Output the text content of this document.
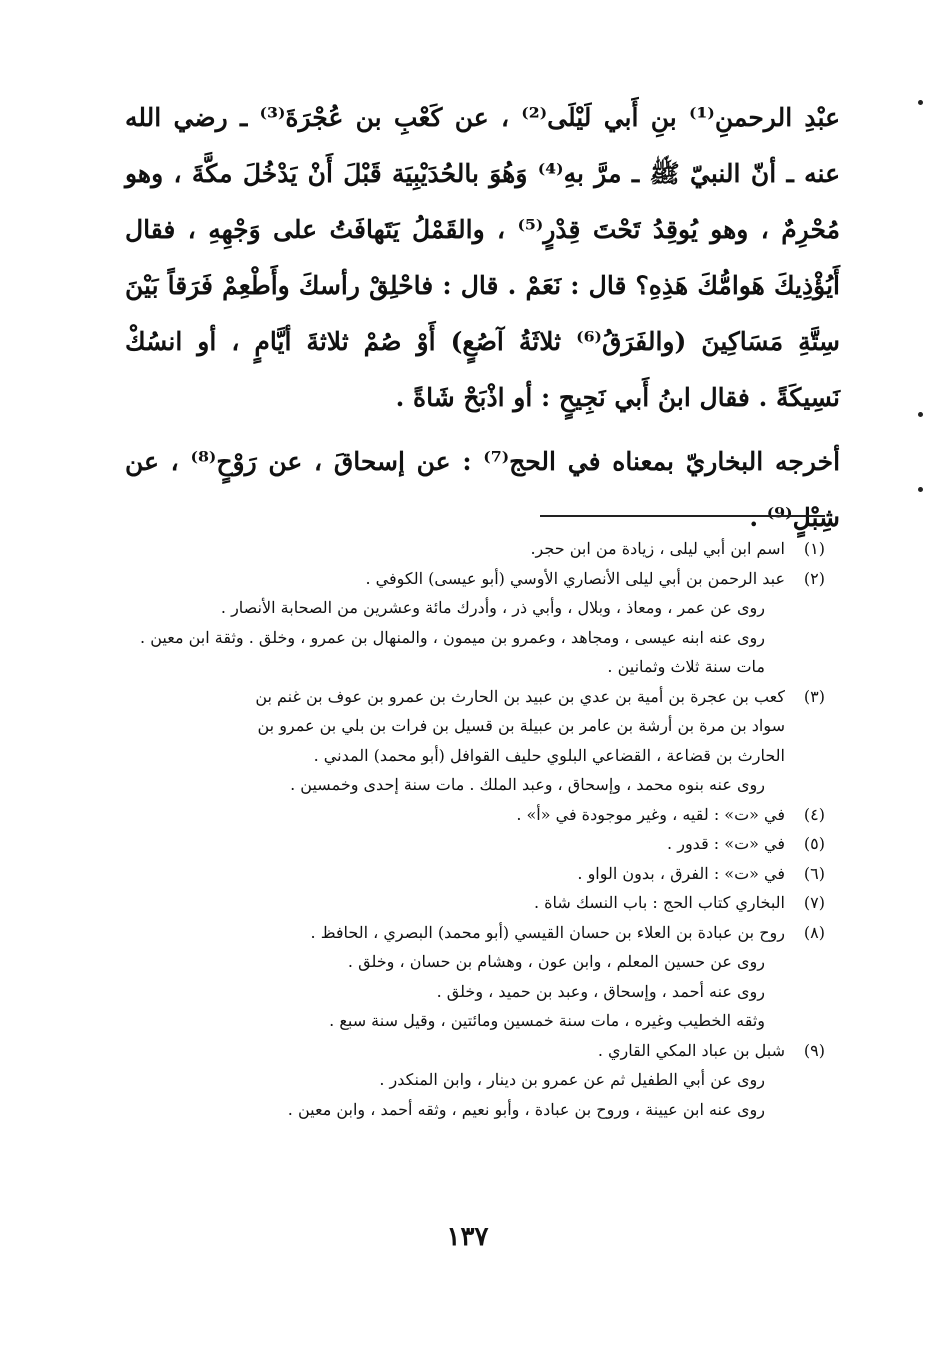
عبْدِ الرحمنِ⁽¹⁾ بنِ أَبي لَيْلَى⁽²⁾ ، عن كَعْبِ بن عُجْرَةَ⁽³⁾ ـ رضي الله عنه ـ أنّ النبيّ ﷺ ـ مرَّ بهِ⁽⁴⁾ وَهُوَ بالحُدَيْبِيَة قَبْلَ أَنْ يَدْخُلَ مكَّةَ ، وهو مُحْرِمٌ ، وهو يُوقِدُ تَحْتَ قِدْرٍ⁽⁵⁾ ، والقَمْلُ يَتَهافَتُ على وَجْهِهِ ، فقال أَيُؤْذِيكَ هَوامُّكَ هَذِهِ؟ قال : نَعَمْ . قال : فاحْلِقْ رأسكَ وأَطْعِمْ فَرَقاً بَيْنَ سِتَّةِ مَسَاكِينَ (والفَرَقُ⁽⁶⁾ ثلاثَةُ آصُعٍ) أَوْ صُمْ ثلاثةَ أيَّامٍ ، أو انسُكْ نَسِيكَةً . فقال ابنُ أَبي نَجِيحٍ : أو اذْبَحْ شَاةً .

أخرجه البخاريّ بمعناه في الحج⁽⁷⁾ : عن إسحاقَ ، عن رَوْحٍ⁽⁸⁾ ، عن شِبْلٍ⁽⁹⁾ .

(١)
اسم ابن أبي ليلى ، زيادة من ابن حجر.
(٢)
عبد الرحمن بن أبي ليلى الأنصاري الأوسي (أبو عيسى) الكوفي .
روى عن عمر ، ومعاذ ، وبلال ، وأبي ذر ، وأدرك مائة وعشرين من الصحابة الأنصار .
روى عنه ابنه عيسى ، ومجاهد ، وعمرو بن ميمون ، والمنهال بن عمرو ، وخلق . وثقة ابن معين . مات سنة ثلاث وثمانين .
(٣)
كعب بن عجرة بن أمية بن عدي بن عبيد بن الحارث بن عمرو بن عوف بن غنم بن
سواد بن مرة بن أرشة بن عامر بن عبيلة بن قسيل بن فرات بن بلي بن عمرو بن
الحارث بن قضاعة ، القضاعي البلوي حليف القوافل (أبو محمد) المدني .
روى عنه بنوه محمد ، وإسحاق ، وعبد الملك . مات سنة إحدى وخمسين .
(٤)
في «ت» : لقيه ، وغير موجودة في «أ» .
(٥)
في «ت» : قدور .
(٦)
في «ت» : الفرق ، بدون الواو .
(٧)
البخاري كتاب الحج : باب النسك شاة .
(٨)
روح بن عبادة بن العلاء بن حسان القيسي (أبو محمد) البصري ، الحافظ .
روى عن حسين المعلم ، وابن عون ، وهشام بن حسان ، وخلق .
روى عنه أحمد ، وإسحاق ، وعبد بن حميد ، وخلق .
وثقه الخطيب وغيره ، مات سنة خمسين ومائتين ، وقيل سنة سبع .
(٩)
شبل بن عباد المكي القاري .
روى عن أبي الطفيل ثم عن عمرو بن دينار ، وابن المنكدر .
روى عنه ابن عيينة ، وروح بن عبادة ، وأبو نعيم ، وثقه أحمد ، وابن معين .
١٣٧
